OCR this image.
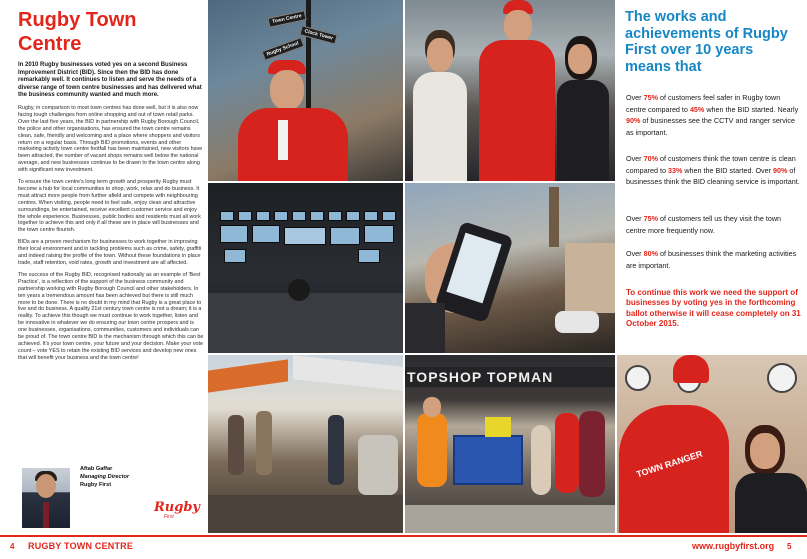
Rugby Town Centre

In 2010 Rugby businesses voted yes on a second Business Improvement District (BID). Since then the BID has done remarkably well. It continues to listen and serve the needs of a diverse range of town centre businesses and has delivered what the business community wanted and much more.

Rugby, in comparison to most town centres has done well, but it is also now facing tough challenges from online shopping and out of town retail parks. Over the last five years, the BID in partnership with Rugby Borough Council, the police and other organisations, has ensured the town centre remains clean, safe, friendly and welcoming and a place where shoppers and visitors return on a regular basis. Through BID promotions, events and other marketing activity town centre footfall has been maintained, new visitors have been attracted, the number of vacant shops remains well below the national average, and new businesses continue to be drawn to the town centre along with significant new investment.

To ensure the town centre's long term growth and prosperity Rugby must become a hub for local communities to shop, work, relax and do business. It must attract more people from further afield and compete with neighbouring centres. When visiting, people need to feel safe, enjoy clean and attractive surroundings, be entertained, receive excellent customer service and enjoy the whole experience. Businesses, public bodies and residents must all work together to achieve this and only if all these are in place will businesses and the town centre flourish.

BIDs are a proven mechanism for businesses to work together in improving their local environment and in tackling problems such as crime, safety, graffiti and indeed raising the profile of the town. Without these foundations in place trade, staff retention, void rates, growth and investment are all affected.

The success of the Rugby BID, recognised nationally as an example of 'Best Practice', is a reflection of the support of the business community and partnership working with Rugby Borough Council and other stakeholders. In ten years a tremendous amount has been achieved but there is still much more to be done. There is no doubt in my mind that Rugby is a great place to live and do business. A quality 21st century town centre is not a dream; it is a reality. To achieve this though we must continue to work together, listen and be innovative in whatever we do ensuring our town centre prospers and is one businesses, organisations, communities, customers and individuals can be proud of. The town centre BID is the mechanism through which this can be achieved. It's your town centre, your future and your decision. Make your vote count – vote YES to retain the existing BID services and develop new ones that will benefit your business and the town centre!

Aftab Gaffar
Managing Director
Rugby First
Rugby
First
Town Centre
Clock Tower
Rugby School
TOPSHOP TOPMAN
TOWN RANGER
The works and achievements of Rugby First over 10 years means that

Over 75% of customers feel safer in Rugby town centre compared to 45% when the BID started. Nearly 90% of businesses see the CCTV and ranger service as important.

Over 70% of customers think the town centre is clean compared to 33% when the BID started. Over 90% of businesses think the BID cleaning service is important.

Over 75% of customers tell us they visit the town centre more frequently now.

Over 80% of businesses think the marketing activities are important.

To continue this work we need the support of businesses by voting yes in the forthcoming ballot otherwise it will cease completely on 31 October 2015.

4 RUGBY TOWN CENTRE	www.rugbyfirst.org 5
